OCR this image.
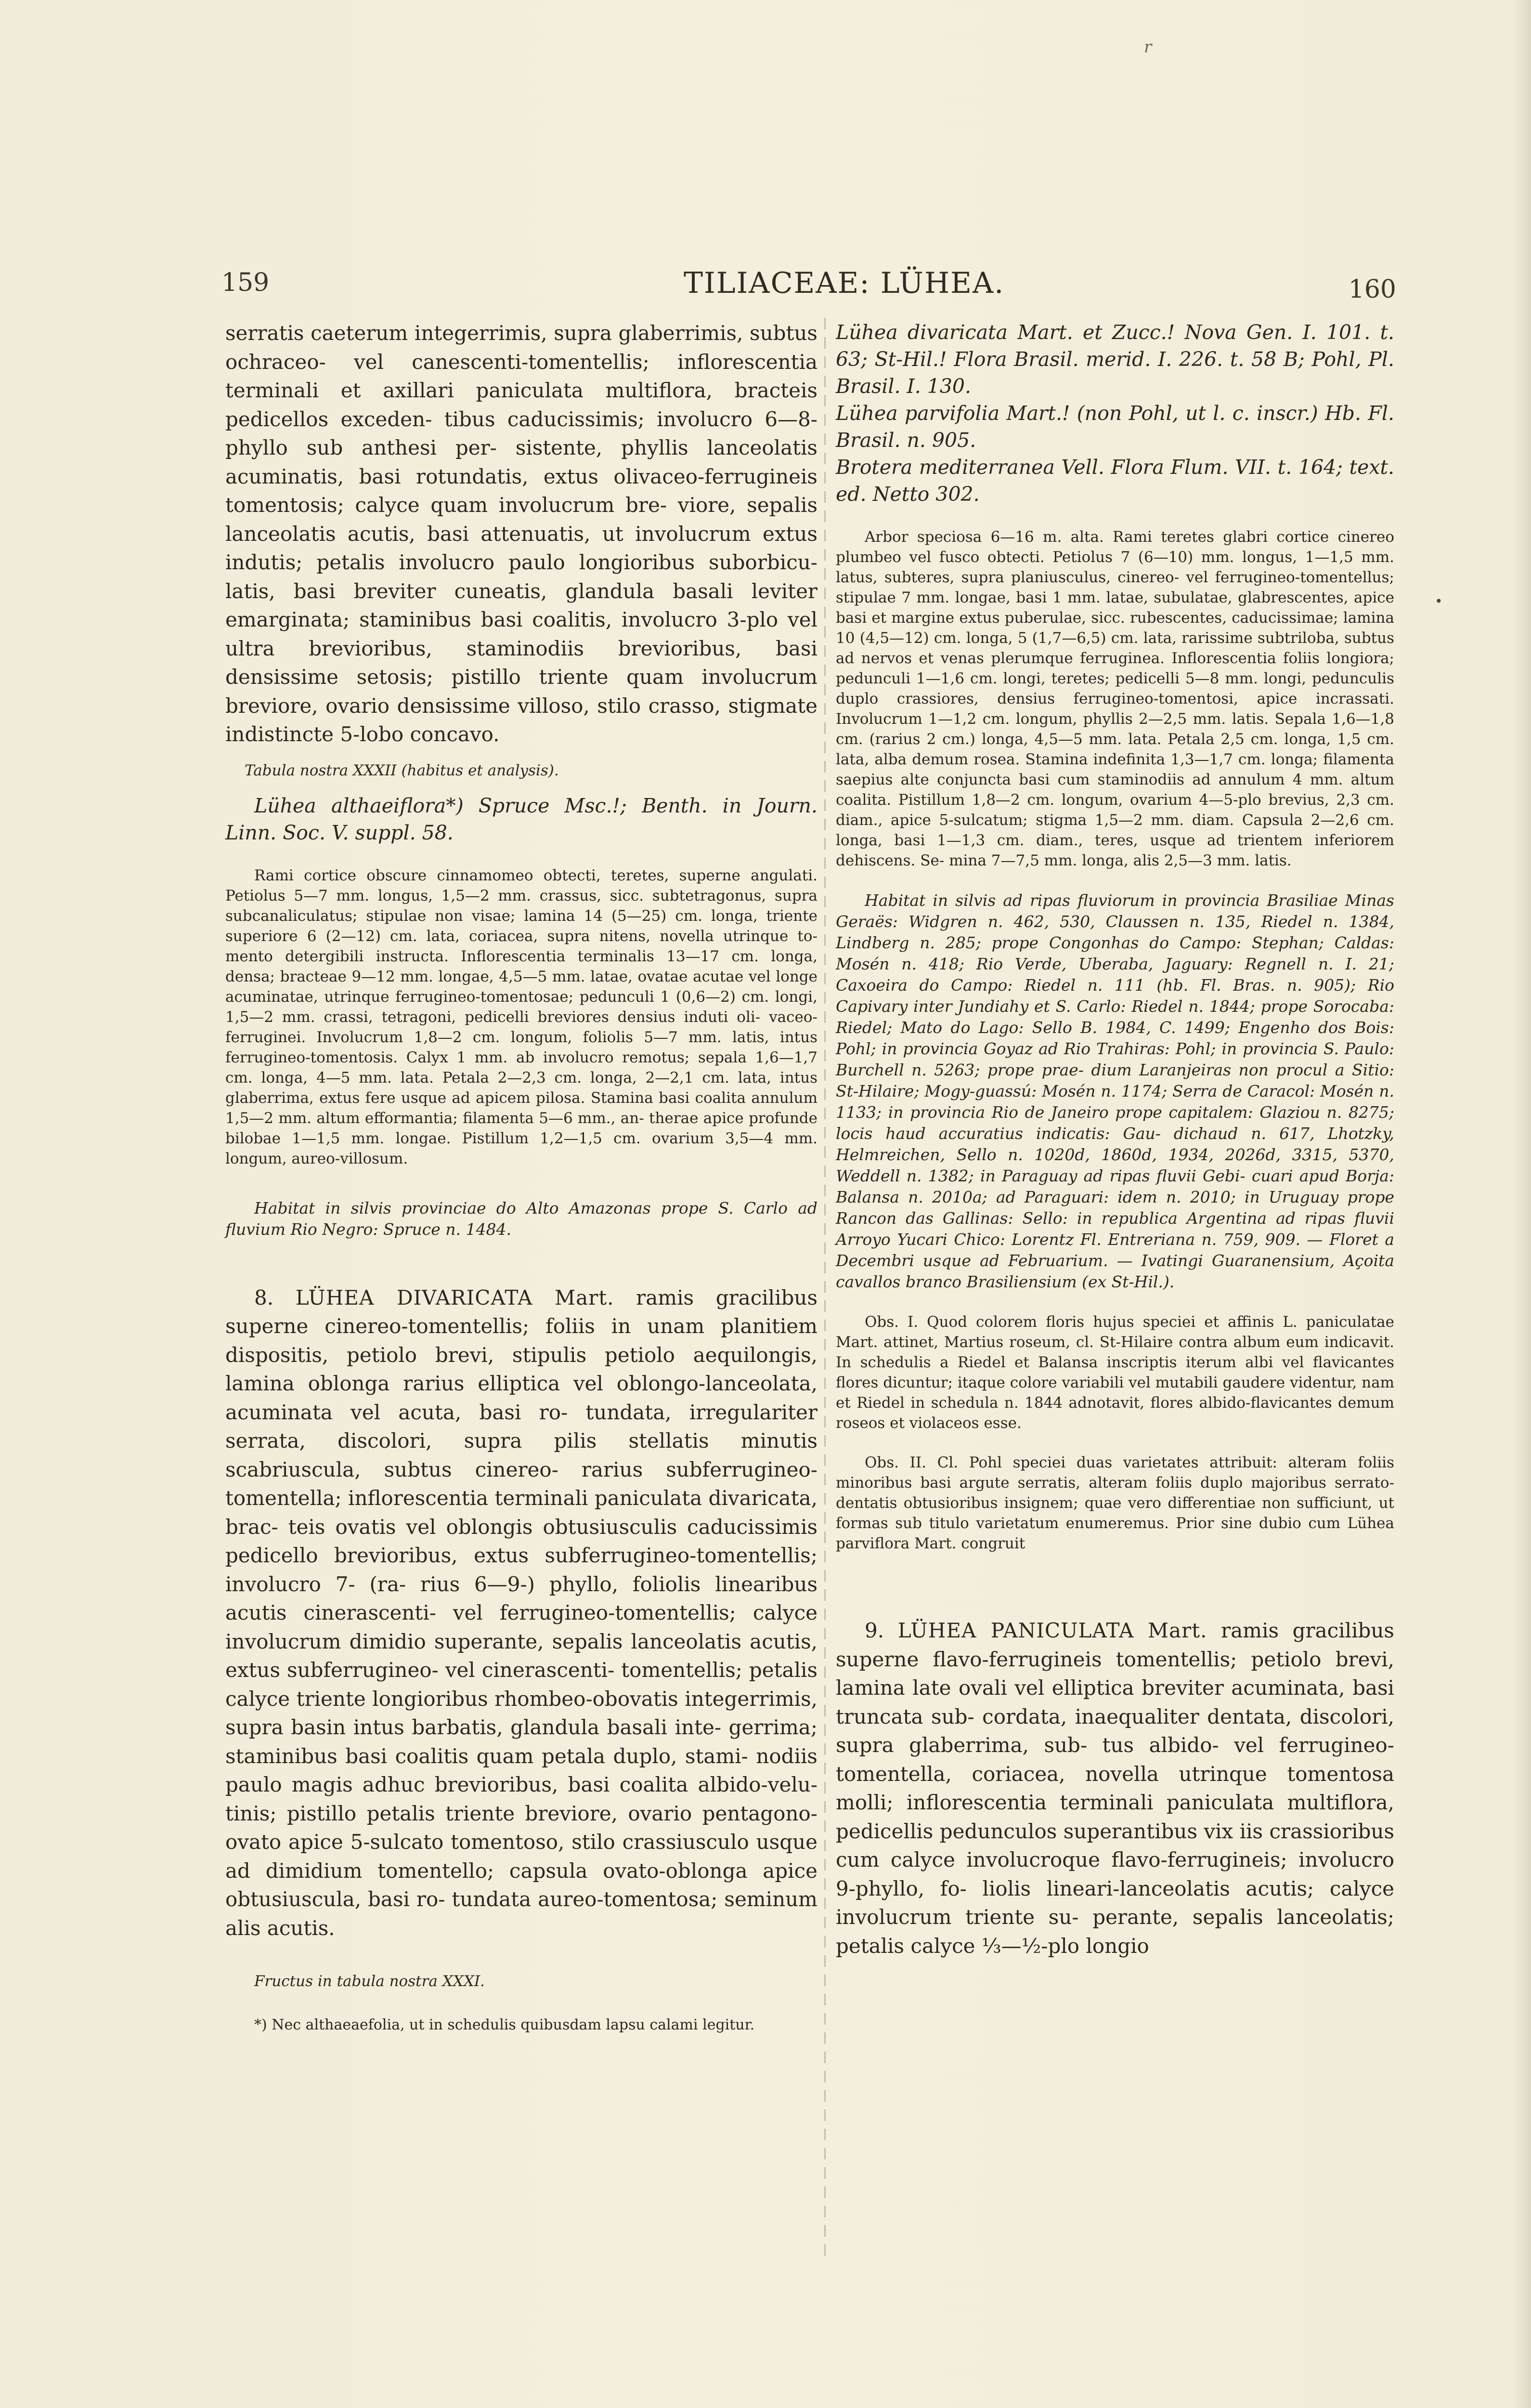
r
159	TILIACEAE: LÜHEA.	160
•

serratis caeterum integerrimis, supra glaberrimis, subtus ochraceo- vel canescenti-tomentellis; inflorescentia terminali et axillari paniculata multiflora, bracteis pedicellos exceden- tibus caducissimis; involucro 6—8-phyllo sub anthesi per- sistente, phyllis lanceolatis acuminatis, basi rotundatis, extus olivaceo-ferrugineis tomentosis; calyce quam involucrum bre- viore, sepalis lanceolatis acutis, basi attenuatis, ut involucrum extus indutis; petalis involucro paulo longioribus suborbicu- latis, basi breviter cuneatis, glandula basali leviter emarginata; staminibus basi coalitis, involucro 3-plo vel ultra brevioribus, staminodiis brevioribus, basi densissime setosis; pistillo triente quam involucrum breviore, ovario densissime villoso, stilo crasso, stigmate indistincte 5-lobo concavo.

Tabula nostra XXXII (habitus et analysis).

Lühea althaeiflora*) Spruce Msc.!; Benth. in Journ. Linn. Soc. V. suppl. 58.

Rami cortice obscure cinnamomeo obtecti, teretes, superne angulati. Petiolus 5—7 mm. longus, 1,5—2 mm. crassus, sicc. subtetragonus, supra subcanaliculatus; stipulae non visae; lamina 14 (5—25) cm. longa, triente superiore 6 (2—12) cm. lata, coriacea, supra nitens, novella utrinque to- mento detergibili instructa. Inflorescentia terminalis 13—17 cm. longa, densa; bracteae 9—12 mm. longae, 4,5—5 mm. latae, ovatae acutae vel longe acuminatae, utrinque ferrugineo-tomentosae; pedunculi 1 (0,6—2) cm. longi, 1,5—2 mm. crassi, tetragoni, pedicelli breviores densius induti oli- vaceo-ferruginei. Involucrum 1,8—2 cm. longum, foliolis 5—7 mm. latis, intus ferrugineo-tomentosis. Calyx 1 mm. ab involucro remotus; sepala 1,6—1,7 cm. longa, 4—5 mm. lata. Petala 2—2,3 cm. longa, 2—2,1 cm. lata, intus glaberrima, extus fere usque ad apicem pilosa. Stamina basi coalita annulum 1,5—2 mm. altum efformantia; filamenta 5—6 mm., an- therae apice profunde bilobae 1—1,5 mm. longae. Pistillum 1,2—1,5 cm. ovarium 3,5—4 mm. longum, aureo-villosum.

Habitat in silvis provinciae do Alto Amazonas prope S. Carlo ad fluvium Rio Negro: Spruce n. 1484.

8. LÜHEA DIVARICATA Mart. ramis gracilibus superne cinereo-tomentellis; foliis in unam planitiem dispositis, petiolo brevi, stipulis petiolo aequilongis, lamina oblonga rarius elliptica vel oblongo-lanceolata, acuminata vel acuta, basi ro- tundata, irregulariter serrata, discolori, supra pilis stellatis minutis scabriuscula, subtus cinereo- rarius subferrugineo- tomentella; inflorescentia terminali paniculata divaricata, brac- teis ovatis vel oblongis obtusiusculis caducissimis pedicello brevioribus, extus subferrugineo-tomentellis; involucro 7- (ra- rius 6—9-) phyllo, foliolis linearibus acutis cinerascenti- vel ferrugineo-tomentellis; calyce involucrum dimidio superante, sepalis lanceolatis acutis, extus subferrugineo- vel cinerascenti- tomentellis; petalis calyce triente longioribus rhombeo-obovatis integerrimis, supra basin intus barbatis, glandula basali inte- gerrima; staminibus basi coalitis quam petala duplo, stami- nodiis paulo magis adhuc brevioribus, basi coalita albido-velu- tinis; pistillo petalis triente breviore, ovario pentagono-ovato apice 5-sulcato tomentoso, stilo crassiusculo usque ad dimidium tomentello; capsula ovato-oblonga apice obtusiuscula, basi ro- tundata aureo-tomentosa; seminum alis acutis.

Fructus in tabula nostra XXXI.

*) Nec althaeaefolia, ut in schedulis quibusdam lapsu calami legitur.

Lühea divaricata Mart. et Zucc.! Nova Gen. I. 101. t. 63; St-Hil.! Flora Brasil. merid. I. 226. t. 58 B; Pohl, Pl. Brasil. I. 130.

Lühea parvifolia Mart.! (non Pohl, ut l. c. inscr.) Hb. Fl. Brasil. n. 905.

Brotera mediterranea Vell. Flora Flum. VII. t. 164; text. ed. Netto 302.

Arbor speciosa 6—16 m. alta. Rami teretes glabri cortice cinereo plumbeo vel fusco obtecti. Petiolus 7 (6—10) mm. longus, 1—1,5 mm. latus, subteres, supra planiusculus, cinereo- vel ferrugineo-tomentellus; stipulae 7 mm. longae, basi 1 mm. latae, subulatae, glabrescentes, apice basi et margine extus puberulae, sicc. rubescentes, caducissimae; lamina 10 (4,5—12) cm. longa, 5 (1,7—6,5) cm. lata, rarissime subtriloba, subtus ad nervos et venas plerumque ferruginea. Inflorescentia foliis longiora; pedunculi 1—1,6 cm. longi, teretes; pedicelli 5—8 mm. longi, pedunculis duplo crassiores, densius ferrugineo-tomentosi, apice incrassati. Involucrum 1—1,2 cm. longum, phyllis 2—2,5 mm. latis. Sepala 1,6—1,8 cm. (rarius 2 cm.) longa, 4,5—5 mm. lata. Petala 2,5 cm. longa, 1,5 cm. lata, alba demum rosea. Stamina indefinita 1,3—1,7 cm. longa; filamenta saepius alte conjuncta basi cum staminodiis ad annulum 4 mm. altum coalita. Pistillum 1,8—2 cm. longum, ovarium 4—5-plo brevius, 2,3 cm. diam., apice 5-sulcatum; stigma 1,5—2 mm. diam. Capsula 2—2,6 cm. longa, basi 1—1,3 cm. diam., teres, usque ad trientem inferiorem dehiscens. Se- mina 7—7,5 mm. longa, alis 2,5—3 mm. latis.

Habitat in silvis ad ripas fluviorum in provincia Brasiliae Minas Geraës: Widgren n. 462, 530, Claussen n. 135, Riedel n. 1384, Lindberg n. 285; prope Congonhas do Campo: Stephan; Caldas: Mosén n. 418; Rio Verde, Uberaba, Jaguary: Regnell n. I. 21; Caxoeira do Campo: Riedel n. 111 (hb. Fl. Bras. n. 905); Rio Capivary inter Jundiahy et S. Carlo: Riedel n. 1844; prope Sorocaba: Riedel; Mato do Lago: Sello B. 1984, C. 1499; Engenho dos Bois: Pohl; in provincia Goyaz ad Rio Trahiras: Pohl; in provincia S. Paulo: Burchell n. 5263; prope prae- dium Laranjeiras non procul a Sitio: St-Hilaire; Mogy-guassú: Mosén n. 1174; Serra de Caracol: Mosén n. 1133; in provincia Rio de Janeiro prope capitalem: Glaziou n. 8275; locis haud accuratius indicatis: Gau- dichaud n. 617, Lhotzky, Helmreichen, Sello n. 1020d, 1860d, 1934, 2026d, 3315, 5370, Weddell n. 1382; in Paraguay ad ripas fluvii Gebi- cuari apud Borja: Balansa n. 2010a; ad Paraguari: idem n. 2010; in Uruguay prope Rancon das Gallinas: Sello: in republica Argentina ad ripas fluvii Arroyo Yucari Chico: Lorentz Fl. Entreriana n. 759, 909. — Floret a Decembri usque ad Februarium. — Ivatingi Guaranensium, Açoita cavallos branco Brasiliensium (ex St-Hil.).

Obs. I. Quod colorem floris hujus speciei et affinis L. paniculatae Mart. attinet, Martius roseum, cl. St-Hilaire contra album eum indicavit. In schedulis a Riedel et Balansa inscriptis iterum albi vel flavicantes flores dicuntur; itaque colore variabili vel mutabili gaudere videntur, nam et Riedel in schedula n. 1844 adnotavit, flores albido-flavicantes demum roseos et violaceos esse.

Obs. II. Cl. Pohl speciei duas varietates attribuit: alteram foliis minoribus basi argute serratis, alteram foliis duplo majoribus serrato- dentatis obtusioribus insignem; quae vero differentiae non sufficiunt, ut formas sub titulo varietatum enumeremus. Prior sine dubio cum Lühea parviflora Mart. congruit

9. LÜHEA PANICULATA Mart. ramis gracilibus superne flavo-ferrugineis tomentellis; petiolo brevi, lamina late ovali vel elliptica breviter acuminata, basi truncata sub- cordata, inaequaliter dentata, discolori, supra glaberrima, sub- tus albido- vel ferrugineo-tomentella, coriacea, novella utrinque tomentosa molli; inflorescentia terminali paniculata multiflora, pedicellis pedunculos superantibus vix iis crassioribus cum calyce involucroque flavo-ferrugineis; involucro 9-phyllo, fo- liolis lineari-lanceolatis acutis; calyce involucrum triente su- perante, sepalis lanceolatis; petalis calyce ⅓—½-plo longio
